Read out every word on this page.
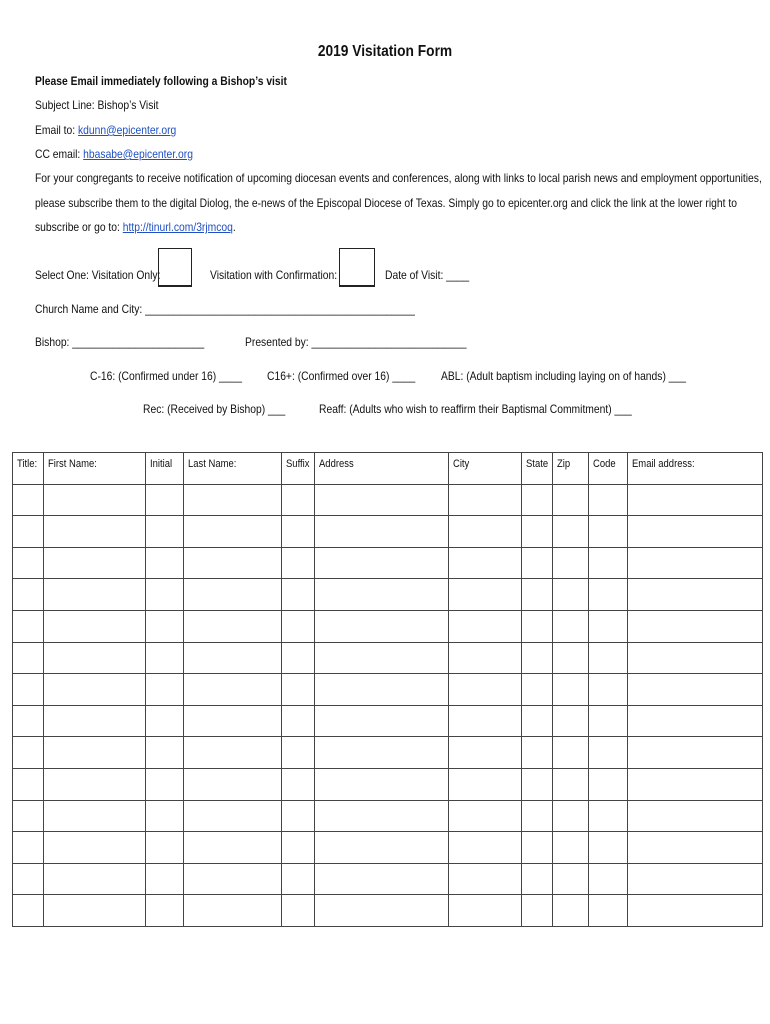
2019 Visitation Form
Please Email immediately following a Bishop’s visit
Subject Line: Bishop’s Visit
Email to: kdunn@epicenter.org
CC email: hbasabe@epicenter.org
For your congregants to receive notification of upcoming diocesan events and conferences, along with links to local parish news and employment opportunities,
please subscribe them to the digital Diolog, the e-news of the Episcopal Diocese of Texas. Simply go to epicenter.org and click the link at the lower right to
subscribe or go to: http://tinurl.com/3rjmcoq.
Select One: Visitation Only:	Visitation with Confirmation:	Date of Visit: ____
Church Name and City: _______________________________________________
Bishop: _______________________	Presented by: ___________________________
C-16: (Confirmed under 16) ____ C16+: (Confirmed over 16) ____ ABL: (Adult baptism including laying on of hands) ___
Rec: (Received by Bishop) ___	Reaff: (Adults who wish to reaffirm their Baptismal Commitment) ___
Title:	First Name:	Initial	Last Name:	Suffix	Address	City	State	Zip	Code	Email address:
